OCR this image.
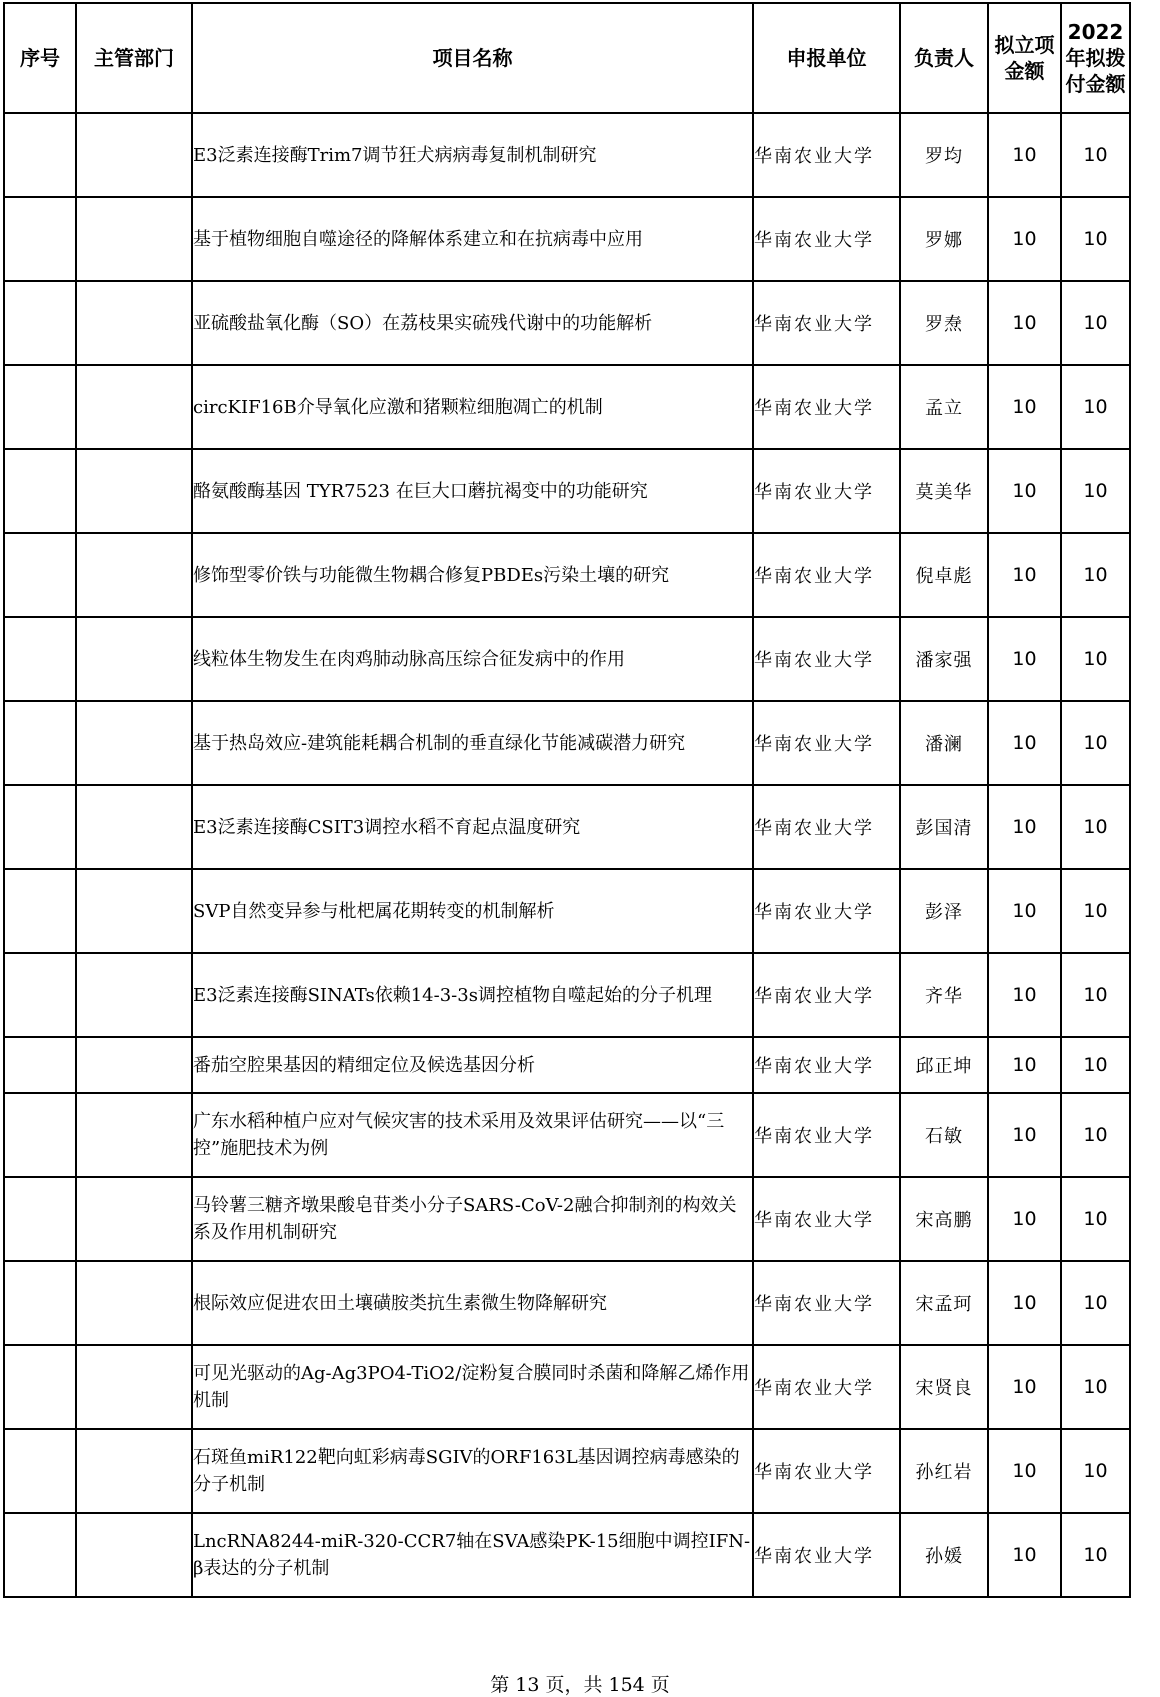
序号	主管部门	项目名称	申报单位	负责人	拟立项金额	2022年拟拨付金额
		E3泛素连接酶Trim7调节狂犬病病毒复制机制研究	华南农业大学	罗均	10	10
		基于植物细胞自噬途径的降解体系建立和在抗病毒中应用	华南农业大学	罗娜	10	10
		亚硫酸盐氧化酶（SO）在荔枝果实硫残代谢中的功能解析	华南农业大学	罗焘	10	10
		circKIF16B介导氧化应激和猪颗粒细胞凋亡的机制	华南农业大学	孟立	10	10
		酪氨酸酶基因 TYR7523 在巨大口蘑抗褐变中的功能研究	华南农业大学	莫美华	10	10
		修饰型零价铁与功能微生物耦合修复PBDEs污染土壤的研究	华南农业大学	倪卓彪	10	10
		线粒体生物发生在肉鸡肺动脉高压综合征发病中的作用	华南农业大学	潘家强	10	10
		基于热岛效应-建筑能耗耦合机制的垂直绿化节能减碳潜力研究	华南农业大学	潘澜	10	10
		E3泛素连接酶CSIT3调控水稻不育起点温度研究	华南农业大学	彭国清	10	10
		SVP自然变异参与枇杷属花期转变的机制解析	华南农业大学	彭泽	10	10
		E3泛素连接酶SINATs依赖14-3-3s调控植物自噬起始的分子机理	华南农业大学	齐华	10	10
		番茄空腔果基因的精细定位及候选基因分析	华南农业大学	邱正坤	10	10
		广东水稻种植户应对气候灾害的技术采用及效果评估研究——以“三控”施肥技术为例	华南农业大学	石敏	10	10
		马铃薯三糖齐墩果酸皂苷类小分子SARS-CoV-2融合抑制剂的构效关系及作用机制研究	华南农业大学	宋高鹏	10	10
		根际效应促进农田土壤磺胺类抗生素微生物降解研究	华南农业大学	宋孟珂	10	10
		可见光驱动的Ag-Ag3PO4-TiO2/淀粉复合膜同时杀菌和降解乙烯作用机制	华南农业大学	宋贤良	10	10
		石斑鱼miR122靶向虹彩病毒SGIV的ORF163L基因调控病毒感染的分子机制	华南农业大学	孙红岩	10	10
		LncRNA8244-miR-320-CCR7轴在SVA感染PK-15细胞中调控IFN-β表达的分子机制	华南农业大学	孙媛	10	10
第 13 页，共 154 页
